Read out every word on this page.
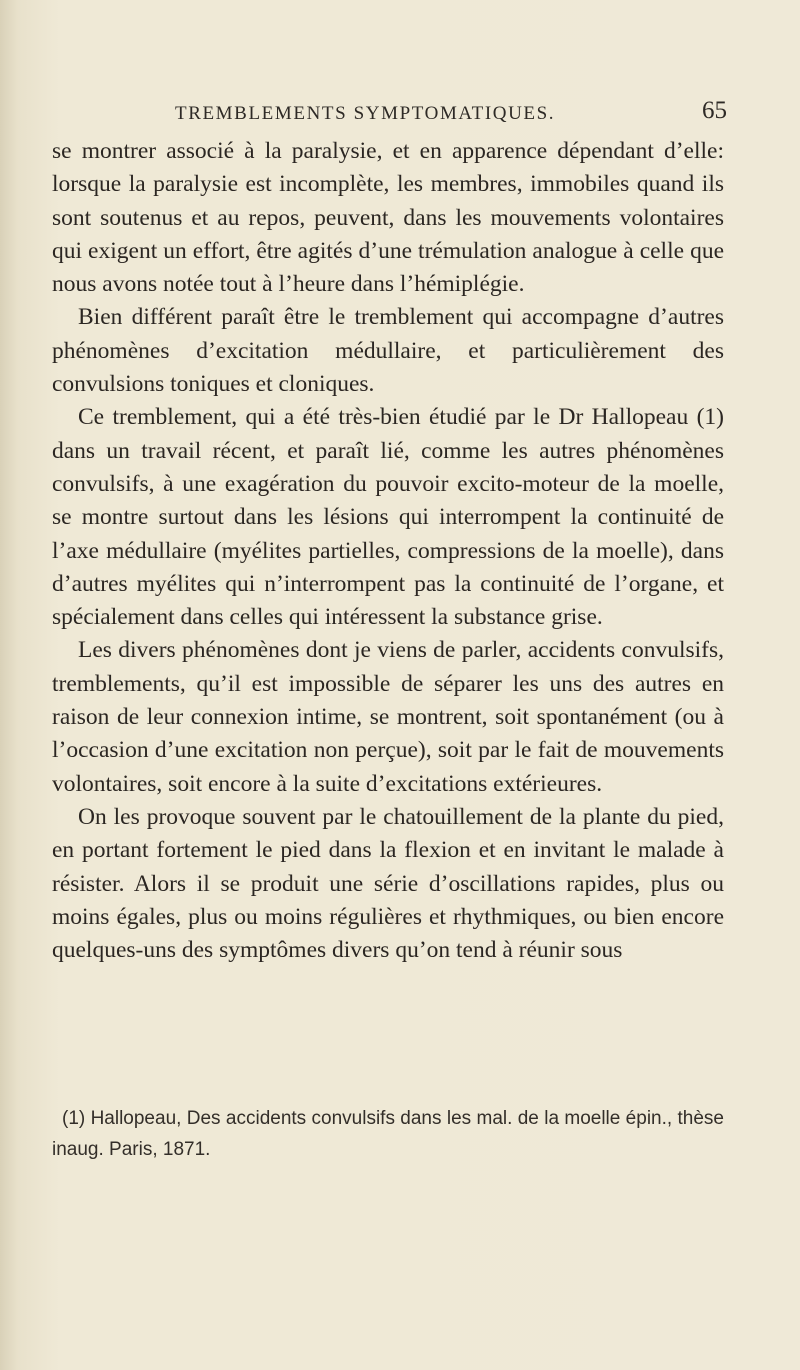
TREMBLEMENTS SYMPTOMATIQUES.	65

se montrer associé à la paralysie, et en apparence dépendant d’elle: lorsque la paralysie est incomplète, les membres, immobiles quand ils sont soutenus et au repos, peuvent, dans les mouvements volontaires qui exigent un effort, être agités d’une trémulation analogue à celle que nous avons notée tout à l’heure dans l’hémiplégie.

Bien différent paraît être le tremblement qui accompagne d’autres phénomènes d’excitation médullaire, et particulièrement des convulsions toniques et cloniques.

Ce tremblement, qui a été très-bien étudié par le Dr Hallopeau (1) dans un travail récent, et paraît lié, comme les autres phénomènes convulsifs, à une exagération du pouvoir excito-moteur de la moelle, se montre surtout dans les lésions qui interrompent la continuité de l’axe médullaire (myélites partielles, compressions de la moelle), dans d’autres myélites qui n’interrompent pas la continuité de l’organe, et spécialement dans celles qui intéressent la substance grise.

Les divers phénomènes dont je viens de parler, accidents convulsifs, tremblements, qu’il est impossible de séparer les uns des autres en raison de leur connexion intime, se montrent, soit spontanément (ou à l’occasion d’une excitation non perçue), soit par le fait de mouvements volontaires, soit encore à la suite d’excitations extérieures.

On les provoque souvent par le chatouillement de la plante du pied, en portant fortement le pied dans la flexion et en invitant le malade à résister. Alors il se produit une série d’oscillations rapides, plus ou moins égales, plus ou moins régulières et rhythmiques, ou bien encore quelques-uns des symptômes divers qu’on tend à réunir sous

(1) Hallopeau, Des accidents convulsifs dans les mal. de la moelle épin., thèse inaug. Paris, 1871.
